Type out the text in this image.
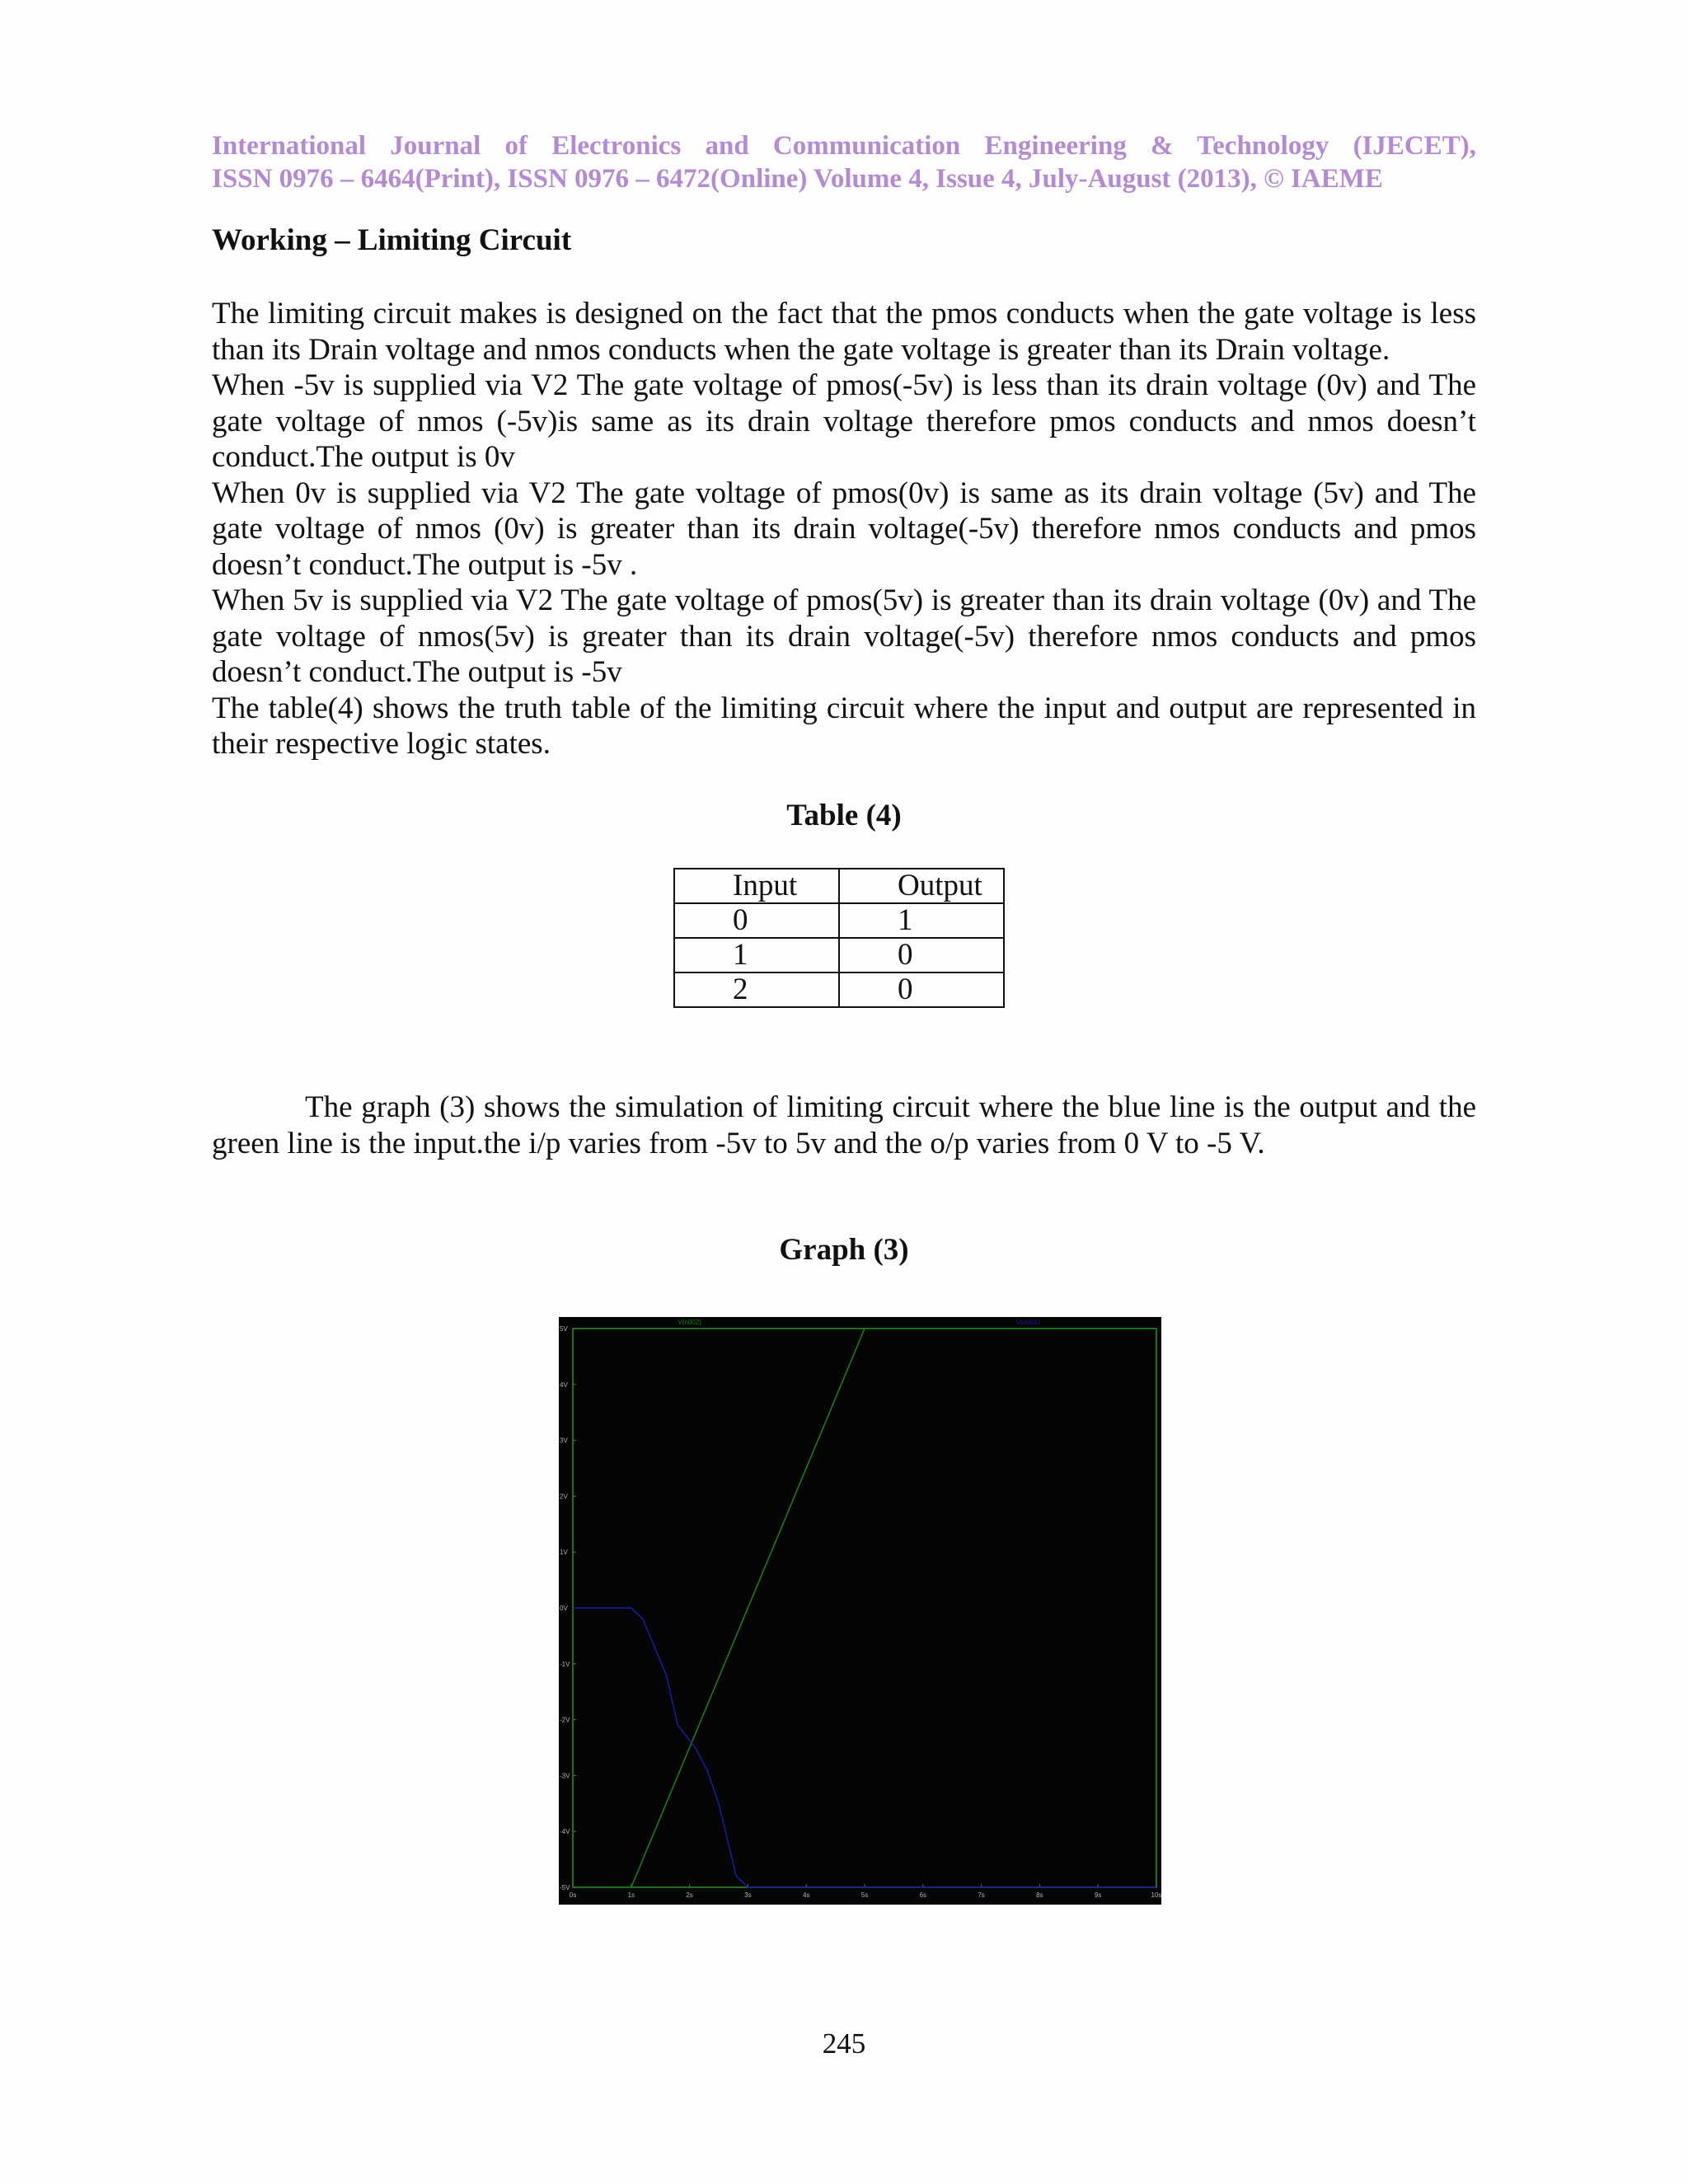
International Journal of Electronics and Communication Engineering & Technology (IJECET),
ISSN 0976 – 6464(Print), ISSN 0976 – 6472(Online) Volume 4, Issue 4, July-August (2013), © IAEME
Working – Limiting Circuit

The limiting circuit makes is designed on the fact that the pmos conducts when the gate voltage is less than its Drain voltage and nmos conducts when the gate voltage is greater than its Drain voltage.

When -5v is supplied via V2 The gate voltage of pmos(-5v) is less than its drain voltage (0v) and The gate voltage of nmos (-5v)is same as its drain voltage therefore pmos conducts and nmos doesn’t conduct.The output is 0v

When 0v is supplied via V2 The gate voltage of pmos(0v) is same as its drain voltage (5v) and The gate voltage of nmos (0v) is greater than its drain voltage(-5v) therefore nmos conducts and pmos doesn’t conduct.The output is -5v .

When 5v is supplied via V2 The gate voltage of pmos(5v) is greater than its drain voltage (0v) and The gate voltage of nmos(5v) is greater than its drain voltage(-5v) therefore nmos conducts and pmos doesn’t conduct.The output is -5v

The table(4) shows the truth table of the limiting circuit where the input and output are represented in their respective logic states.

Table (4)
Input	Output
0	1
1	0
2	0
The graph (3) shows the simulation of limiting circuit where the blue line is the output and the green line is the input.the i/p varies from -5v to 5v and the o/p varies from 0 V to -5 V.
Graph (3)
5V
4V
3V
2V
1V
0V
-1V
-2V
-3V
-4V
-5V
0s	1s	2s	3s	4s	5s	6s	7s	8s	9s	10s
V(n002)	V(n001)
245
